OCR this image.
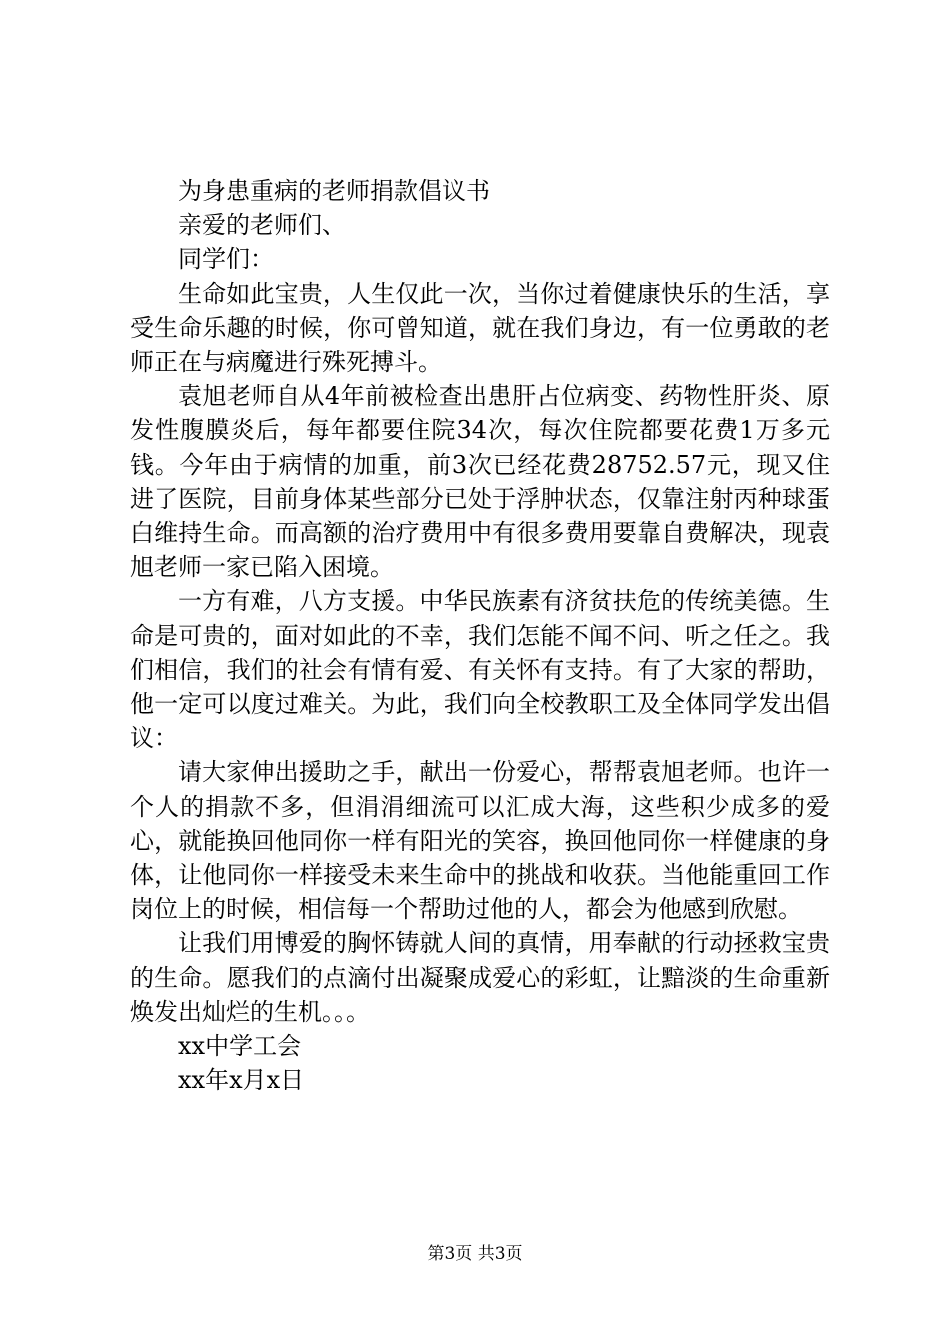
为身患重病的老师捐款倡议书

亲爱的老师们、

同学们：

生命如此宝贵，人生仅此一次，当你过着健康快乐的生活，享受生命乐趣的时候，你可曾知道，就在我们身边，有一位勇敢的老师正在与病魔进行殊死搏斗。

袁旭老师自从4年前被检查出患肝占位病变、药物性肝炎、原发性腹膜炎后，每年都要住院34次，每次住院都要花费1万多元钱。今年由于病情的加重，前3次已经花费28752.57元，现又住进了医院，目前身体某些部分已处于浮肿状态，仅靠注射丙种球蛋白维持生命。而高额的治疗费用中有很多费用要靠自费解决，现袁旭老师一家已陷入困境。

一方有难，八方支援。中华民族素有济贫扶危的传统美德。生命是可贵的，面对如此的不幸，我们怎能不闻不问、听之任之。我们相信，我们的社会有情有爱、有关怀有支持。有了大家的帮助，他一定可以度过难关。为此，我们向全校教职工及全体同学发出倡议：

请大家伸出援助之手，献出一份爱心，帮帮袁旭老师。也许一个人的捐款不多，但涓涓细流可以汇成大海，这些积少成多的爱心，就能换回他同你一样有阳光的笑容，换回他同你一样健康的身体，让他同你一样接受未来生命中的挑战和收获。当他能重回工作岗位上的时候，相信每一个帮助过他的人，都会为他感到欣慰。

让我们用博爱的胸怀铸就人间的真情，用奉献的行动拯救宝贵的生命。愿我们的点滴付出凝聚成爱心的彩虹，让黯淡的生命重新焕发出灿烂的生机。。。

xx中学工会

xx年x月x日

第3页 共3页
